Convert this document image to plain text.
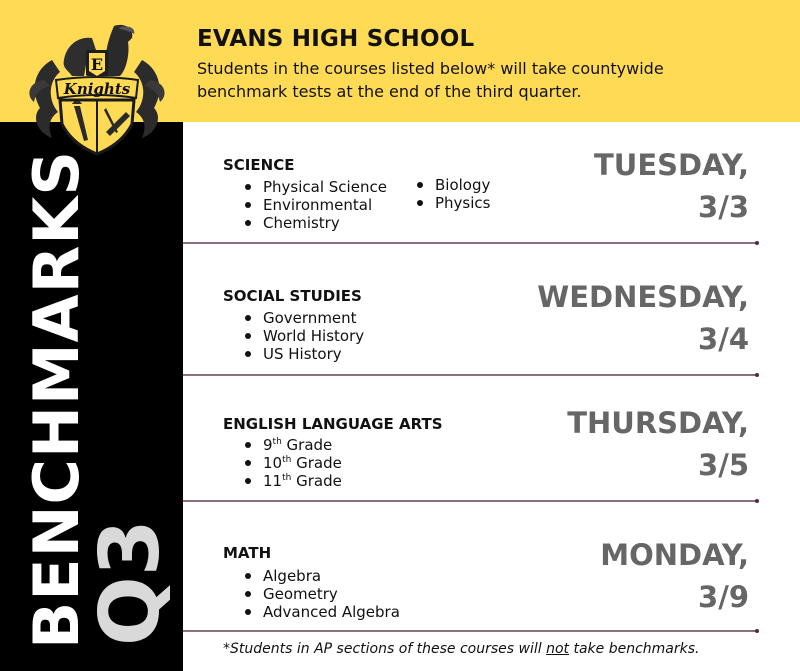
E
Knights
EVANS HIGH SCHOOL
Students in the courses listed below* will take countywide
benchmark tests at the end of the third quarter.
BENCHMARKS
Q3
SCIENCE
Physical Science
Environmental
Chemistry
Biology
Physics
TUESDAY,
3/3
SOCIAL STUDIES
Government
World History
US History
WEDNESDAY,
3/4
ENGLISH LANGUAGE ARTS
9th Grade
10th Grade
11th Grade
THURSDAY,
3/5
MATH
Algebra
Geometry
Advanced Algebra
MONDAY,
3/9
*Students in AP sections of these courses will not take benchmarks.
